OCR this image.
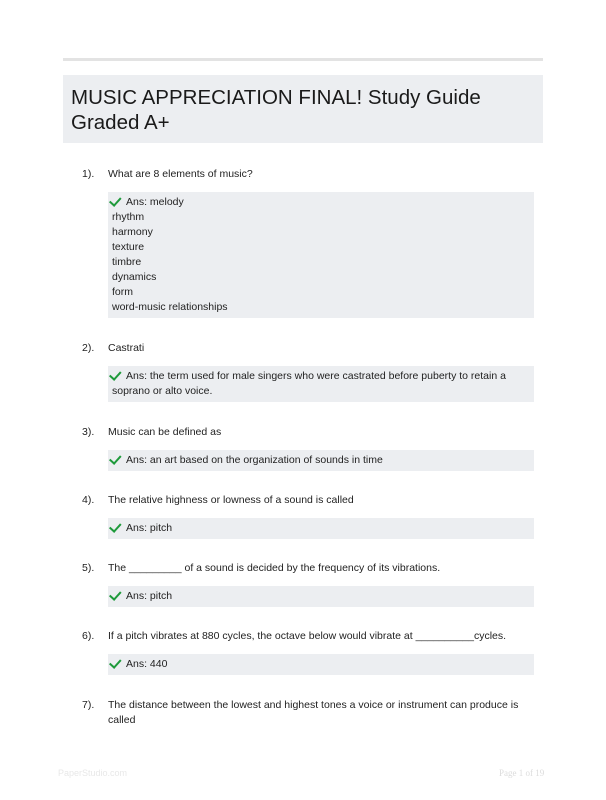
MUSIC APPRECIATION FINAL! Study Guide Graded A+
1). What are 8 elements of music?
Ans: melody
rhythm
harmony
texture
timbre
dynamics
form
word-music relationships
2). Castrati
Ans: the term used for male singers who were castrated before puberty to retain a
soprano or alto voice.
3). Music can be defined as
Ans: an art based on the organization of sounds in time
4). The relative highness or lowness of a sound is called
Ans: pitch
5). The _________ of a sound is decided by the frequency of its vibrations.
Ans: pitch
6). If a pitch vibrates at 880 cycles, the octave below would vibrate at __________cycles.
Ans: 440
7). The distance between the lowest and highest tones a voice or instrument can produce is called
PaperStudio.com	Page 1 of 19
